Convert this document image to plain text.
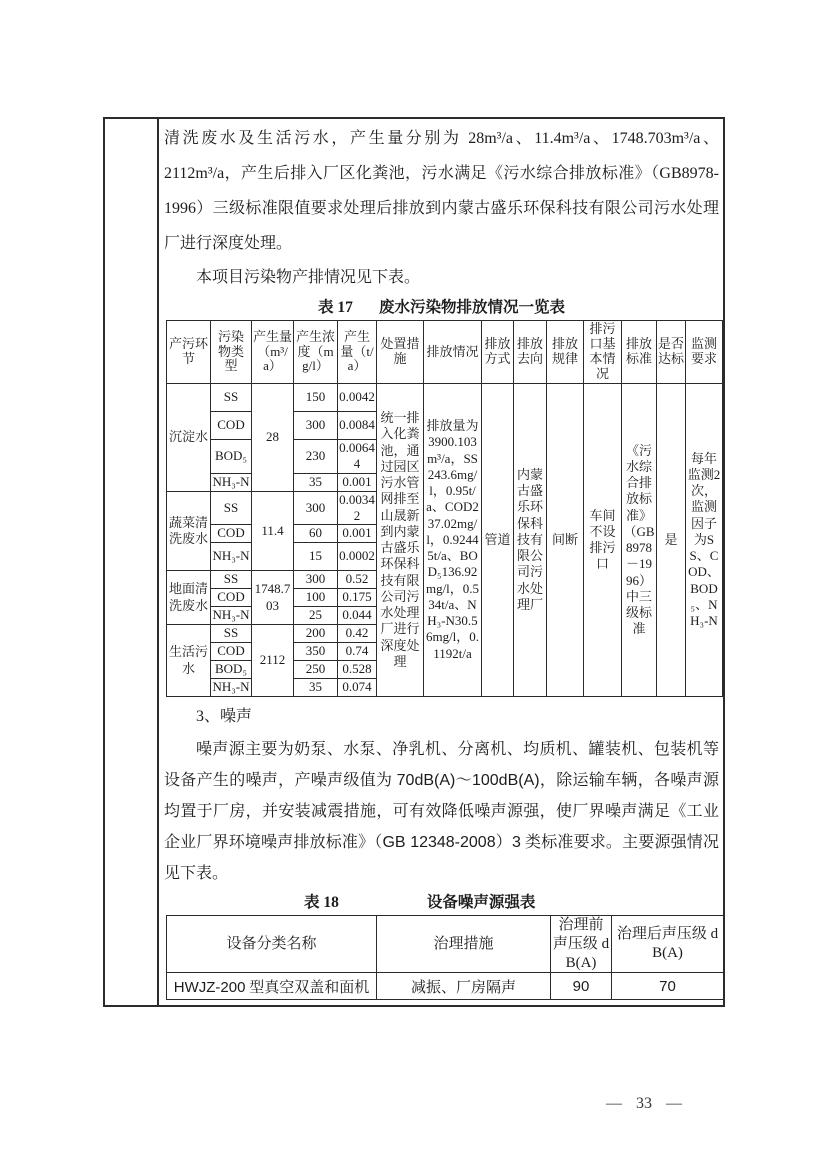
清洗废水及生活污水，产生量分别为 28m³/a、11.4m³/a、1748.703m³/a、2112m³/a，产生后排入厂区化粪池，污水满足《污水综合排放标准》（GB8978-1996）三级标准限值要求处理后排放到内蒙古盛乐环保科技有限公司污水处理厂进行深度处理。

本项目污染物产排情况见下表。

表 17 废水污染物排放情况一览表
产污环节	污染物类型	产生量（m³/a）	产生浓度（mg/l）	产生量（t/a）	处置措施	排放情况	排放方式	排放去向	排放规律	排污口基本情况	排放标准	是否达标	监测要求
沉淀水	SS	28	150	0.0042	统一排入化粪池，通过园区污水管网排至山晟新到内蒙古盛乐环保科技有限公司污水处理厂进行深度处理	排放量为3900.103m³/a，SS243.6mg/l，0.95t/a、COD237.02mg/l，0.92445t/a、BOD₅136.92mg/l，0.534t/a、NH₃-N30.56mg/l，0.1192t/a	管道	内蒙古盛乐环保科技有限公司污水处理厂	间断	车间不设排污口	《污水综合排放标准》（GB8978－1996）中三级标准	是	每年监测2次，监测因子为SS、COD、BOD₅、NH₃-N
	COD		300	0.0084									
	BOD₅		230	0.00644									
	NH₃-N		35	0.001									
蔬菜清洗废水	SS	11.4	300	0.00342									
	COD		60	0.001									
	NH₃-N		15	0.0002									
地面清洗废水	SS	1748.703	300	0.52									
	COD		100	0.175									
	NH₃-N		25	0.044									
生活污水	SS	2112	200	0.42									
	COD		350	0.74									
	BOD₅		250	0.528									
	NH₃-N		35	0.074									

3、噪声

噪声源主要为奶泵、水泵、净乳机、分离机、均质机、罐装机、包装机等设备产生的噪声，产噪声级值为 70dB(A)～100dB(A)，除运输车辆，各噪声源均置于厂房，并安装减震措施，可有效降低噪声源强，使厂界噪声满足《工业企业厂界环境噪声排放标准》（GB 12348-2008）3 类标准要求。主要源强情况见下表。

表 18	设备噪声源强表
设备分类名称	治理措施	治理前声压级 dB(A)	治理后声压级 dB(A)
HWJZ-200 型真空双盖和面机	减振、厂房隔声	90	70
— 33 —
